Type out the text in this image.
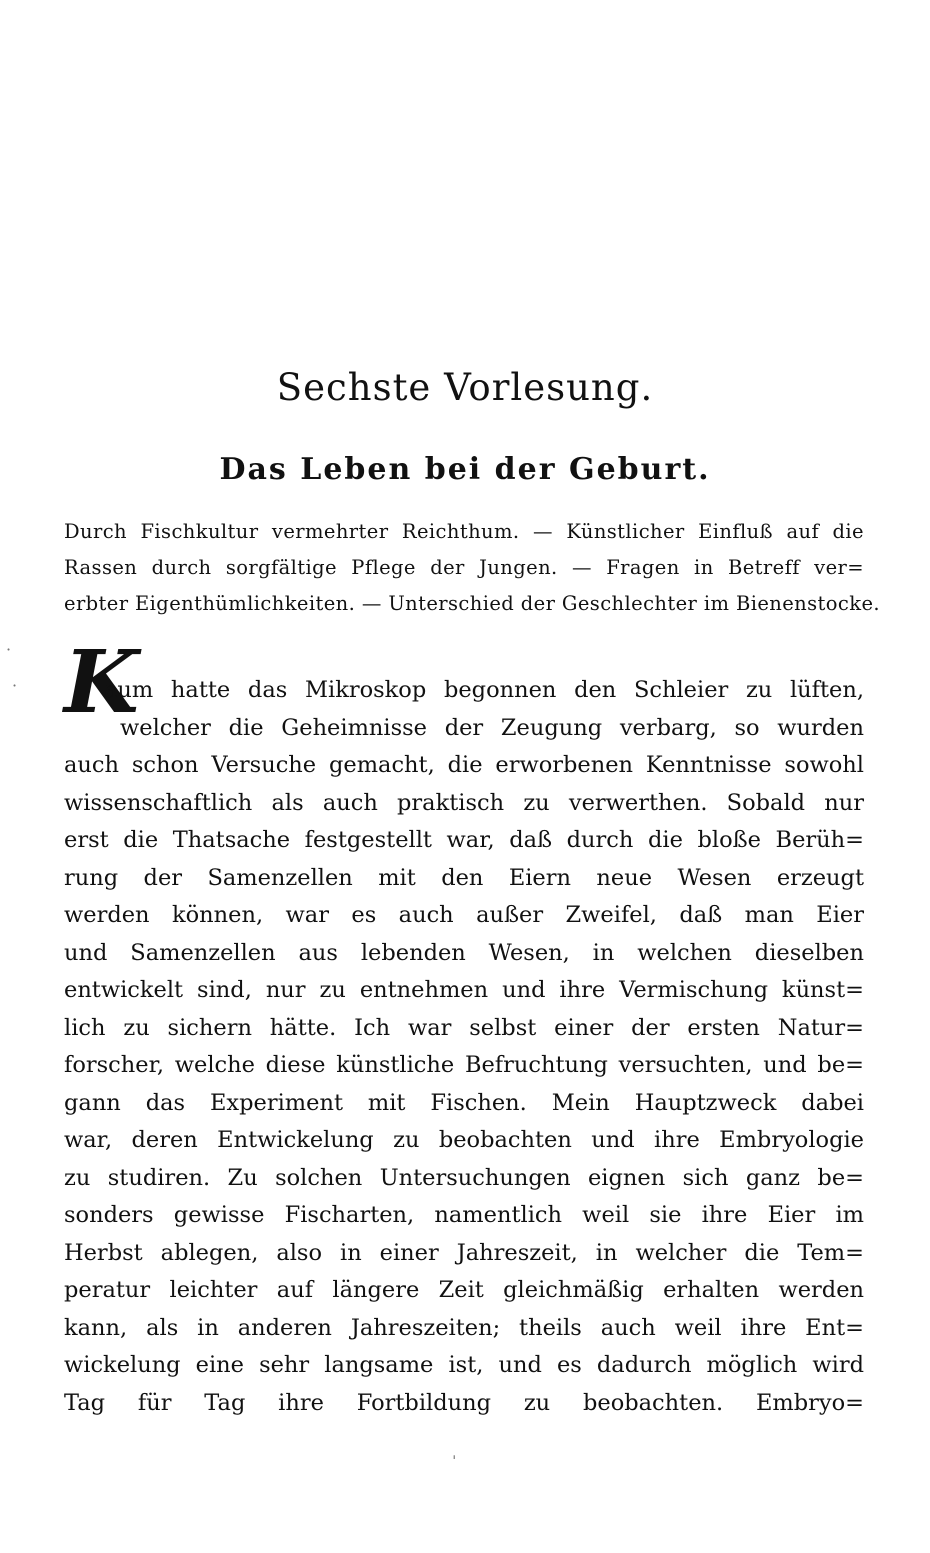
Sechste Vorlesung.
Das Leben bei der Geburt.
Durch Fischkultur vermehrter Reichthum. — Künstlicher Einfluß auf die
Rassen durch sorgfältige Pflege der Jungen. — Fragen in Betreff ver=
erbter Eigenthümlichkeiten. — Unterschied der Geschlechter im Bienenstocke.
K
aum hatte das Mikroskop begonnen den Schleier zu lüften,
welcher die Geheimnisse der Zeugung verbarg, so wurden
auch schon Versuche gemacht, die erworbenen Kenntnisse sowohl
wissenschaftlich als auch praktisch zu verwerthen. Sobald nur
erst die Thatsache festgestellt war, daß durch die bloße Berüh=
rung der Samenzellen mit den Eiern neue Wesen erzeugt
werden können, war es auch außer Zweifel, daß man Eier
und Samenzellen aus lebenden Wesen, in welchen dieselben
entwickelt sind, nur zu entnehmen und ihre Vermischung künst=
lich zu sichern hätte. Ich war selbst einer der ersten Natur=
forscher, welche diese künstliche Befruchtung versuchten, und be=
gann das Experiment mit Fischen. Mein Hauptzweck dabei
war, deren Entwickelung zu beobachten und ihre Embryologie
zu studiren. Zu solchen Untersuchungen eignen sich ganz be=
sonders gewisse Fischarten, namentlich weil sie ihre Eier im
Herbst ablegen, also in einer Jahreszeit, in welcher die Tem=
peratur leichter auf längere Zeit gleichmäßig erhalten werden
kann, als in anderen Jahreszeiten; theils auch weil ihre Ent=
wickelung eine sehr langsame ist, und es dadurch möglich wird
Tag für Tag ihre Fortbildung zu beobachten. Embryo=
·
·
ˌ
